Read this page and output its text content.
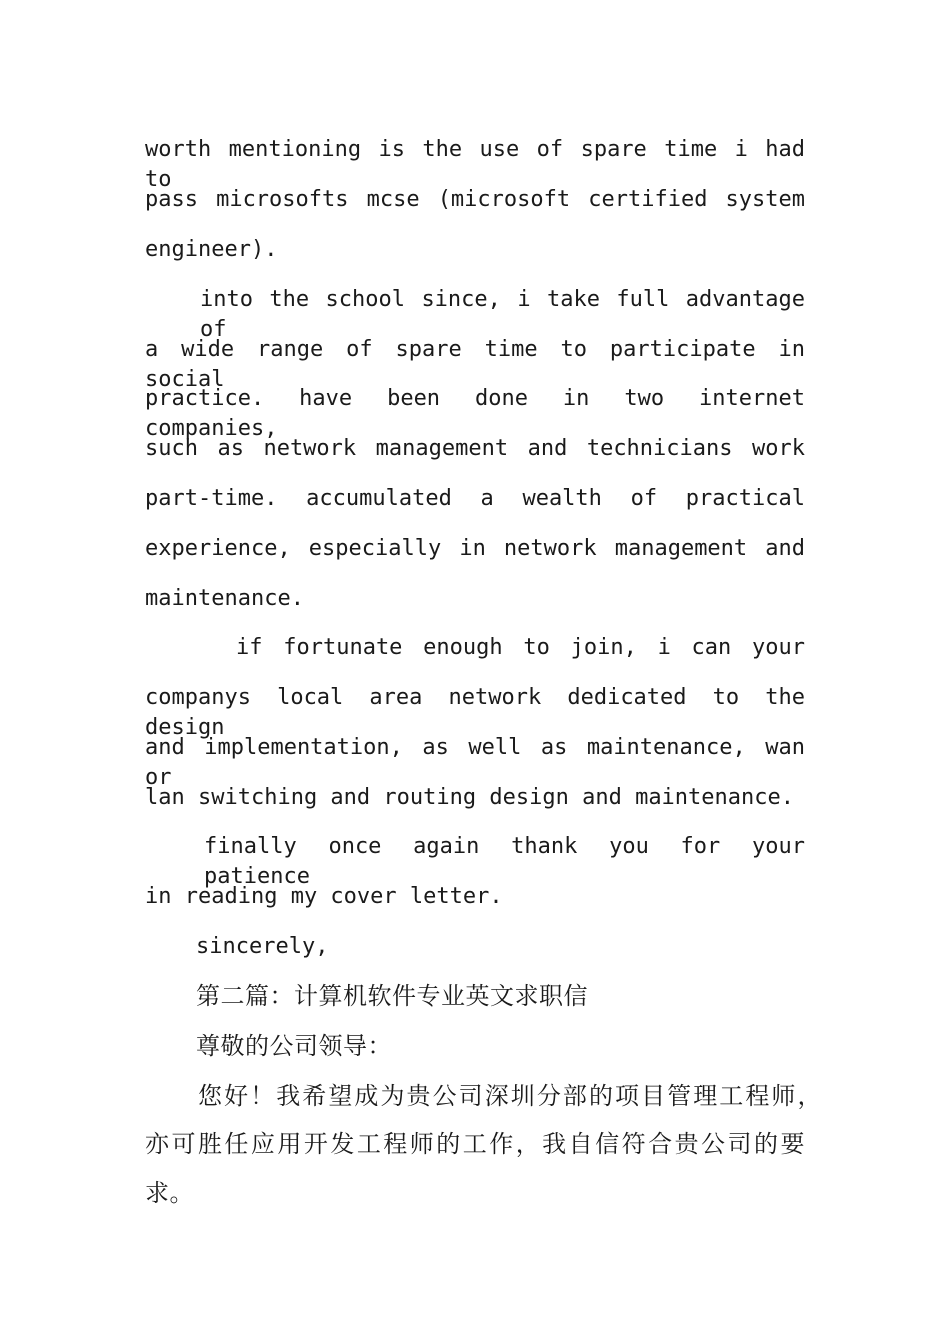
worth mentioning is the use of spare time i had to
pass microsofts mcse (microsoft certified system
engineer).
into the school since, i take full advantage of
a wide range of spare time to participate in social
practice. have been done in two internet companies,
such as network management and technicians work
part-time. accumulated a wealth of practical
experience, especially in network management and
maintenance.
if fortunate enough to join, i can your
companys local area network dedicated to the design
and implementation, as well as maintenance, wan or
lan switching and routing design and maintenance.
finally once again thank you for your patience
in reading my cover letter.
sincerely,
第二篇：计算机软件专业英文求职信
尊敬的公司领导：
您好！我希望成为贵公司深圳分部的项目管理工程师，
亦可胜任应用开发工程师的工作，我自信符合贵公司的要
求。
